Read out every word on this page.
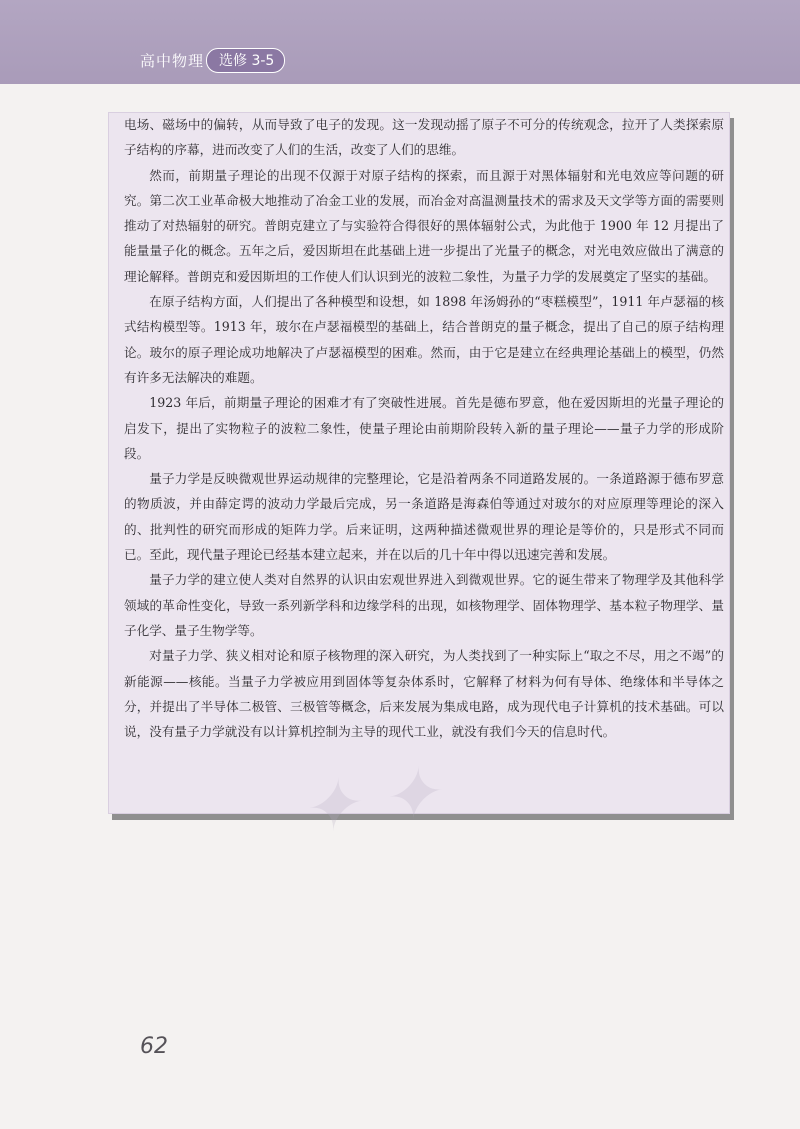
高中物理	选修 3-5
✦ ✦

电场、磁场中的偏转，从而导致了电子的发现。这一发现动摇了原子不可分的传统观念，拉开了人类探索原子结构的序幕，进而改变了人们的生活，改变了人们的思维。

然而，前期量子理论的出现不仅源于对原子结构的探索，而且源于对黑体辐射和光电效应等问题的研究。第二次工业革命极大地推动了冶金工业的发展，而冶金对高温测量技术的需求及天文学等方面的需要则推动了对热辐射的研究。普朗克建立了与实验符合得很好的黑体辐射公式，为此他于 1900 年 12 月提出了能量量子化的概念。五年之后，爱因斯坦在此基础上进一步提出了光量子的概念，对光电效应做出了满意的理论解释。普朗克和爱因斯坦的工作使人们认识到光的波粒二象性，为量子力学的发展奠定了坚实的基础。

在原子结构方面，人们提出了各种模型和设想，如 1898 年汤姆孙的“枣糕模型”，1911 年卢瑟福的核式结构模型等。1913 年，玻尔在卢瑟福模型的基础上，结合普朗克的量子概念，提出了自己的原子结构理论。玻尔的原子理论成功地解决了卢瑟福模型的困难。然而，由于它是建立在经典理论基础上的模型，仍然有许多无法解决的难题。

1923 年后，前期量子理论的困难才有了突破性进展。首先是德布罗意，他在爱因斯坦的光量子理论的启发下，提出了实物粒子的波粒二象性，使量子理论由前期阶段转入新的量子理论——量子力学的形成阶段。

量子力学是反映微观世界运动规律的完整理论，它是沿着两条不同道路发展的。一条道路源于德布罗意的物质波，并由薛定谔的波动力学最后完成，另一条道路是海森伯等通过对玻尔的对应原理等理论的深入的、批判性的研究而形成的矩阵力学。后来证明，这两种描述微观世界的理论是等价的，只是形式不同而已。至此，现代量子理论已经基本建立起来，并在以后的几十年中得以迅速完善和发展。

量子力学的建立使人类对自然界的认识由宏观世界进入到微观世界。它的诞生带来了物理学及其他科学领域的革命性变化，导致一系列新学科和边缘学科的出现，如核物理学、固体物理学、基本粒子物理学、量子化学、量子生物学等。

对量子力学、狭义相对论和原子核物理的深入研究，为人类找到了一种实际上“取之不尽，用之不竭”的新能源——核能。当量子力学被应用到固体等复杂体系时，它解释了材料为何有导体、绝缘体和半导体之分，并提出了半导体二极管、三极管等概念，后来发展为集成电路，成为现代电子计算机的技术基础。可以说，没有量子力学就没有以计算机控制为主导的现代工业，就没有我们今天的信息时代。

62
